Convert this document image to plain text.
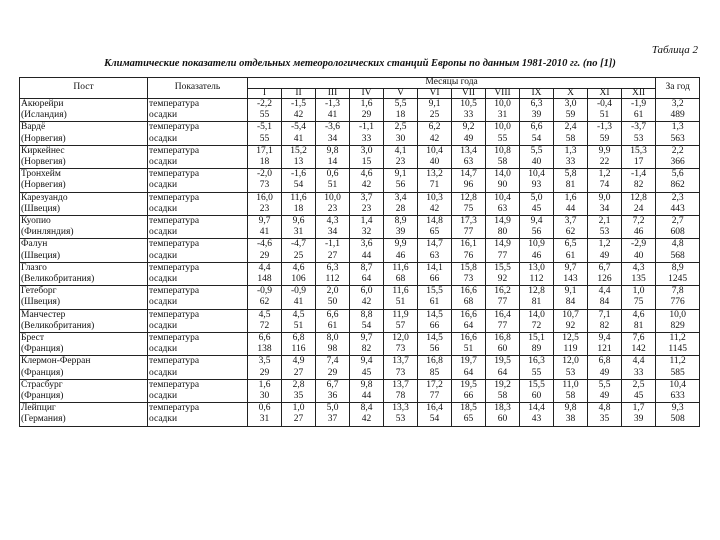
Таблица 2
Климатические показатели отдельных метеорологических станций Европы по данным 1981-2010 гг. (по [1])
Пост	Показатель	Месяцы года												За год
		I	II	III	IV	V	VI	VII	VIII	IX	X	XI	XII	
Акюрейри	температура	-2,2	-1,5	-1,3	1,6	5,5	9,1	10,5	10,0	6,3	3,0	-0,4	-1,9	3,2
(Исландия)	осадки	55	42	41	29	18	25	33	31	39	59	51	61	489
Вардё	температура	-5,1	-5,4	-3,6	-1,1	2,5	6,2	9,2	10,0	6,6	2,4	-1,3	-3,7	1,3
(Норвегия)	осадки	55	41	34	33	30	42	49	55	54	58	59	53	563
Киркейнес	температура	17,1	15,2	9,8	3,0	4,1	10,4	13,4	10,8	5,5	1,3	9,9	15,3	2,2
(Норвегия)	осадки	18	13	14	15	23	40	63	58	40	33	22	17	366
Тронхейм	температура	-2,0	-1,6	0,6	4,6	9,1	13,2	14,7	14,0	10,4	5,8	1,2	-1,4	5,6
(Норвегия)	осадки	73	54	51	42	56	71	96	90	93	81	74	82	862
Карезуандо	температура	16,0	11,6	10,0	3,7	3,4	10,3	12,8	10,4	5,0	1,6	9,0	12,8	2,3
(Швеция)	осадки	23	18	23	23	28	42	75	63	45	44	34	24	443
Куопио	температура	9,7	9,6	4,3	1,4	8,9	14,8	17,3	14,9	9,4	3,7	2,1	7,2	2,7
(Финляндия)	осадки	41	31	34	32	39	65	77	80	56	62	53	46	608
Фалун	температура	-4,6	-4,7	-1,1	3,6	9,9	14,7	16,1	14,9	10,9	6,5	1,2	-2,9	4,8
(Швеция)	осадки	29	25	27	44	46	63	76	77	46	61	49	40	568
Глазго	температура	4,4	4,6	6,3	8,7	11,6	14,1	15,8	15,5	13,0	9,7	6,7	4,3	8,9
(Великобритания)	осадки	148	106	112	64	68	66	73	92	112	143	126	135	1245
Гетеборг	температура	-0,9	-0,9	2,0	6,0	11,6	15,5	16,6	16,2	12,8	9,1	4,4	1,0	7,8
(Швеция)	осадки	62	41	50	42	51	61	68	77	81	84	84	75	776
Манчестер	температура	4,5	4,5	6,6	8,8	11,9	14,5	16,6	16,4	14,0	10,7	7,1	4,6	10,0
(Великобритания)	осадки	72	51	61	54	57	66	64	77	72	92	82	81	829
Брест	температура	6,6	6,8	8,0	9,7	12,0	14,5	16,6	16,8	15,1	12,5	9,4	7,6	11,2
(Франция)	осадки	138	116	98	82	73	56	51	60	89	119	121	142	1145
Клермон-Ферран	температура	3,5	4,9	7,4	9,4	13,7	16,8	19,7	19,5	16,3	12,0	6,8	4,4	11,2
(Франция)	осадки	29	27	29	45	73	85	64	64	55	53	49	33	585
Страсбург	температура	1,6	2,8	6,7	9,8	13,7	17,2	19,5	19,2	15,5	11,0	5,5	2,5	10,4
(Франция)	осадки	30	35	36	44	78	77	66	58	60	58	49	45	633
Лейпциг	температура	0,6	1,0	5,0	8,4	13,3	16,4	18,5	18,3	14,4	9,8	4,8	1,7	9,3
(Германия)	осадки	31	27	37	42	53	54	65	60	43	38	35	39	508
